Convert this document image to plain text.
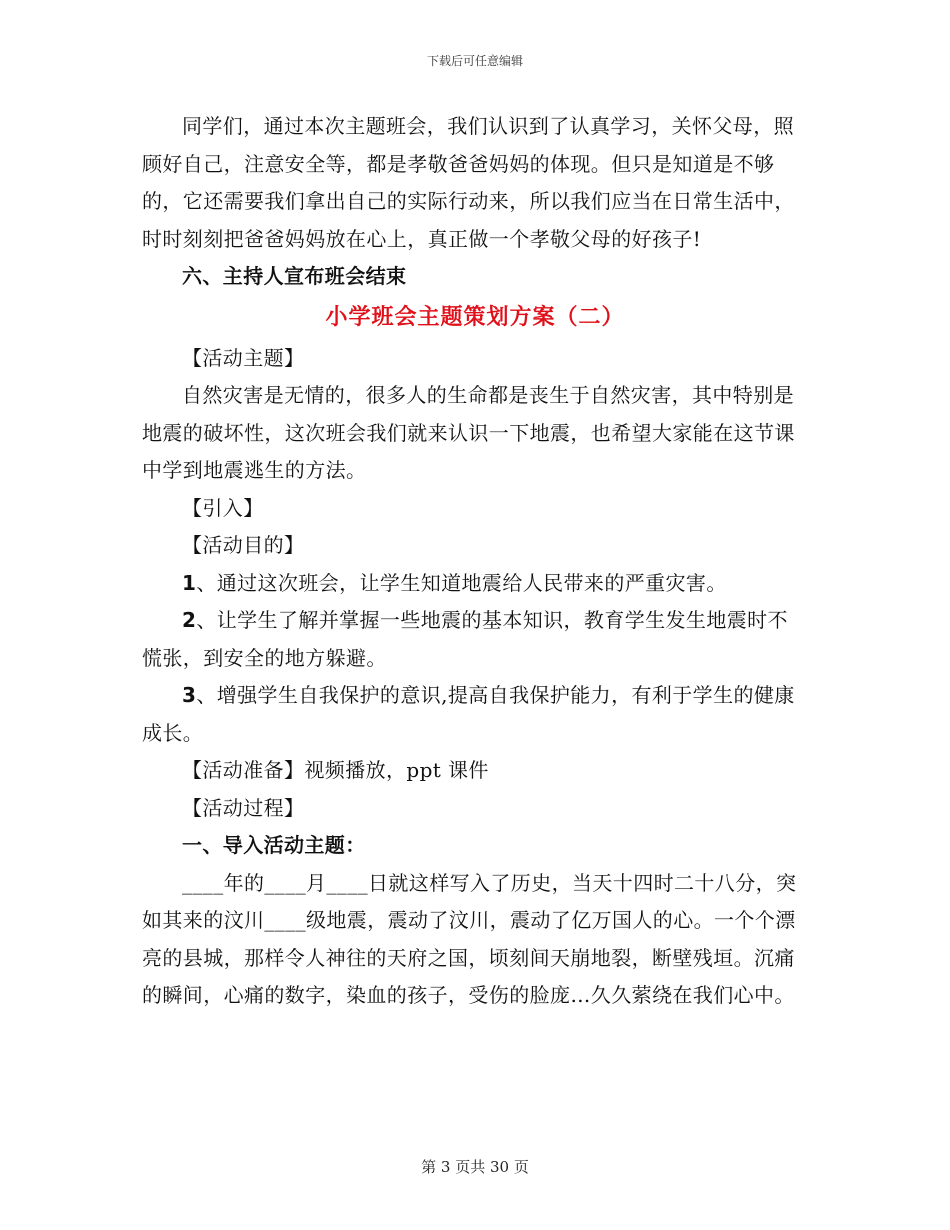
下载后可任意编辑

同学们，通过本次主题班会，我们认识到了认真学习，关怀父母，照顾好自己，注意安全等，都是孝敬爸爸妈妈的体现。但只是知道是不够的，它还需要我们拿出自己的实际行动来，所以我们应当在日常生活中，时时刻刻把爸爸妈妈放在心上，真正做一个孝敬父母的好孩子!

六、主持人宣布班会结束

小学班会主题策划方案（二）

【活动主题】

自然灾害是无情的，很多人的生命都是丧生于自然灾害，其中特别是地震的破坏性，这次班会我们就来认识一下地震，也希望大家能在这节课中学到地震逃生的方法。

【引入】

【活动目的】

1、通过这次班会，让学生知道地震给人民带来的严重灾害。

2、让学生了解并掌握一些地震的基本知识，教育学生发生地震时不慌张，到安全的地方躲避。

3、增强学生自我保护的意识,提高自我保护能力，有利于学生的健康成长。

【活动准备】视频播放，ppt 课件

【活动过程】

一、导入活动主题：

____年的____月____日就这样写入了历史，当天十四时二十八分，突如其来的汶川____级地震，震动了汶川，震动了亿万国人的心。一个个漂亮的县城，那样令人神往的天府之国，顷刻间天崩地裂，断壁残垣。沉痛的瞬间，心痛的数字，染血的孩子，受伤的脸庞…久久萦绕在我们心中。

第 3 页共 30 页
